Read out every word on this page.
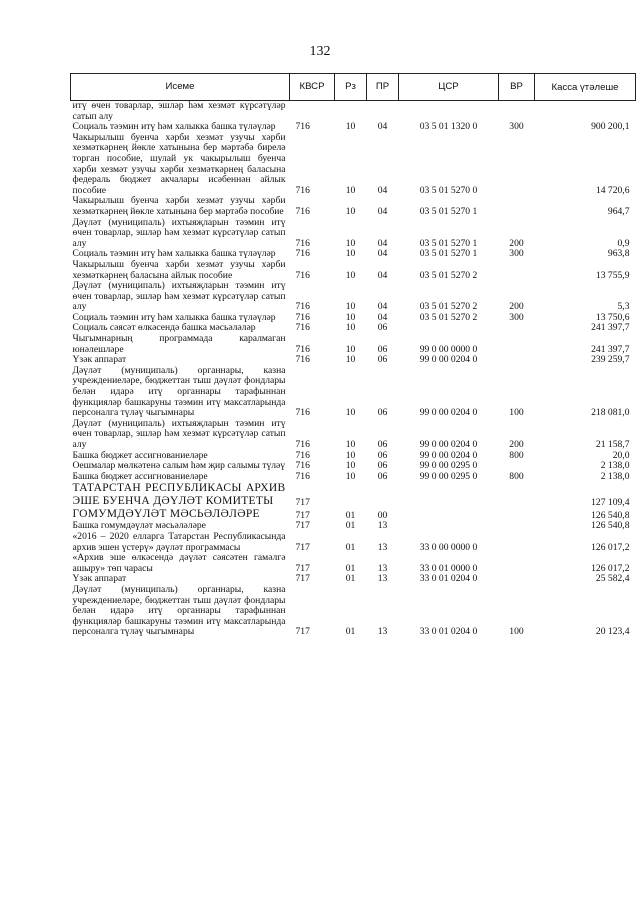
132
Исеме	КВСР	Рз	ПР	ЦСР	ВР	Касса үтәлеше
итү өчен товарлар, эшләр һәм хезмәт күрсәтүләр сатып алу						
Социаль тәэмин итү һәм халыкка башка түләүләр	716	10	04	03 5 01 1320 0	300	900 200,1
Чакырылыш буенча хәрби хезмәт узучы хәрби хезмәткәрнең йөкле хатынына бер мәртәбә бирелә торган пособие, шулай ук чакырылыш буенча хәрби хезмәт узучы хәрби хезмәткәрнең баласына федераль бюджет акчалары исәбеннән айлык пособие	716	10	04	03 5 01 5270 0		14 720,6
Чакырылыш буенча хәрби хезмәт узучы хәрби хезмәткәрнең йөкле хатынына бер мәртәбә пособие	716	10	04	03 5 01 5270 1		964,7
Дәүләт (муниципаль) ихтыяҗларын тәэмин итү өчен товарлар, эшләр һәм хезмәт күрсәтүләр сатып алу	716	10	04	03 5 01 5270 1	200	0,9
Социаль тәэмин итү һәм халыкка башка түләүләр	716	10	04	03 5 01 5270 1	300	963,8
Чакырылыш буенча хәрби хезмәт узучы хәрби хезмәткәрнең баласына айлык пособие	716	10	04	03 5 01 5270 2		13 755,9
Дәүләт (муниципаль) ихтыяҗларын тәэмин итү өчен товарлар, эшләр һәм хезмәт күрсәтүләр сатып алу	716	10	04	03 5 01 5270 2	200	5,3
Социаль тәэмин итү һәм халыкка башка түләүләр	716	10	04	03 5 01 5270 2	300	13 750,6
Социаль сәясәт өлкәсендә башка мәсьәләләр	716	10	06			241 397,7
Чыгымнарның программада каралмаган юнәлешләре	716	10	06	99 0 00 0000 0		241 397,7
Үзәк аппарат	716	10	06	99 0 00 0204 0		239 259,7
Дәүләт (муниципаль) органнары, казна учреждениеләре, бюджеттан тыш дәүләт фондлары белән идарә итү органнары тарафыннан функцияләр башкаруны тәэмин итү максатларында персоналга түләү чыгымнары	716	10	06	99 0 00 0204 0	100	218 081,0
Дәүләт (муниципаль) ихтыяҗларын тәэмин итү өчен товарлар, эшләр һәм хезмәт күрсәтүләр сатып алу	716	10	06	99 0 00 0204 0	200	21 158,7
Башка бюджет ассигнованиеләре	716	10	06	99 0 00 0204 0	800	20,0
Оешмалар мөлкәтенә салым һәм җир салымы түләү	716	10	06	99 0 00 0295 0		2 138,0
Башка бюджет ассигнованиеләре	716	10	06	99 0 00 0295 0	800	2 138,0
ТАТАРСТАН РЕСПУБЛИКАСЫ АРХИВ ЭШЕ БУЕНЧА ДӘҮЛӘТ КОМИТЕТЫ	717					127 109,4
ГОМУМДӘҮЛӘТ МӘСЬӘЛӘЛӘРЕ	717	01	00			126 540,8
Башка гомумдәүләт мәсьәләләре	717	01	13			126 540,8
«2016 – 2020 елларга Татарстан Республикасында архив эшен үстерү» дәүләт программасы	717	01	13	33 0 00 0000 0		126 017,2
«Архив эше өлкәсендә дәүләт сәясәтен гамәлгә ашыру» төп чарасы	717	01	13	33 0 01 0000 0		126 017,2
Үзәк аппарат	717	01	13	33 0 01 0204 0		25 582,4
Дәүләт (муниципаль) органнары, казна учреждениеләре, бюджеттан тыш дәүләт фондлары белән идарә итү органнары тарафыннан функцияләр башкаруны тәэмин итү максатларында персоналга түләү чыгымнары	717	01	13	33 0 01 0204 0	100	20 123,4
